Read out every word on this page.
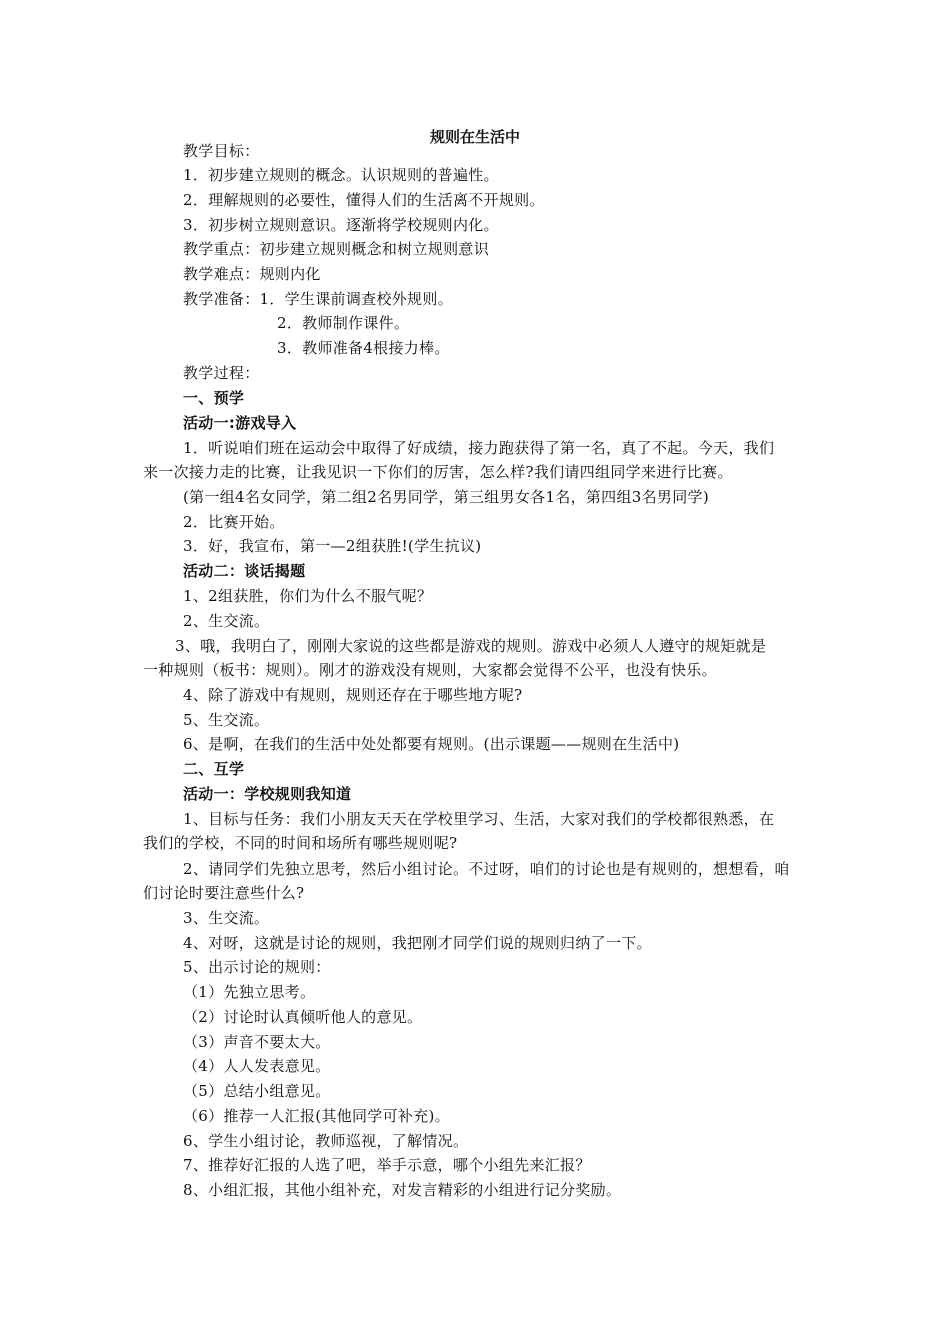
规则在生活中
教学目标：
1．初步建立规则的概念。认识规则的普遍性。
2．理解规则的必要性，懂得人们的生活离不开规则。
3．初步树立规则意识。逐渐将学校规则内化。
教学重点：初步建立规则概念和树立规则意识
教学难点：规则内化
教学准备：1．学生课前调查校外规则。
2．教师制作课件。
3．教师准备4根接力棒。
教学过程：
一、预学
活动一:游戏导入
1．听说咱们班在运动会中取得了好成绩，接力跑获得了第一名，真了不起。今天，我们
来一次接力走的比赛，让我见识一下你们的厉害，怎么样?我们请四组同学来进行比赛。
(第一组4名女同学，第二组2名男同学，第三组男女各1名，第四组3名男同学)
2．比赛开始。
3．好，我宣布，第一—2组获胜!(学生抗议)
活动二：谈话揭题
1、2组获胜，你们为什么不服气呢？
2、生交流。
3、哦，我明白了，刚刚大家说的这些都是游戏的规则。游戏中必须人人遵守的规矩就是
一种规则（板书：规则）。刚才的游戏没有规则，大家都会觉得不公平，也没有快乐。
4、除了游戏中有规则，规则还存在于哪些地方呢?
5、生交流。
6、是啊，在我们的生活中处处都要有规则。(出示课题——规则在生活中)
二、互学
活动一：学校规则我知道
1、目标与任务：我们小朋友天天在学校里学习、生活，大家对我们的学校都很熟悉，在
我们的学校，不同的时间和场所有哪些规则呢?
2、请同学们先独立思考，然后小组讨论。不过呀，咱们的讨论也是有规则的，想想看，咱
们讨论时要注意些什么?
3、生交流。
4、对呀，这就是讨论的规则，我把刚才同学们说的规则归纳了一下。
5、出示讨论的规则：
（1）先独立思考。
（2）讨论时认真倾听他人的意见。
（3）声音不要太大。
（4）人人发表意见。
（5）总结小组意见。
（6）推荐一人汇报(其他同学可补充)。
6、学生小组讨论，教师巡视，了解情况。
7、推荐好汇报的人选了吧，举手示意，哪个小组先来汇报？
8、小组汇报，其他小组补充，对发言精彩的小组进行记分奖励。
